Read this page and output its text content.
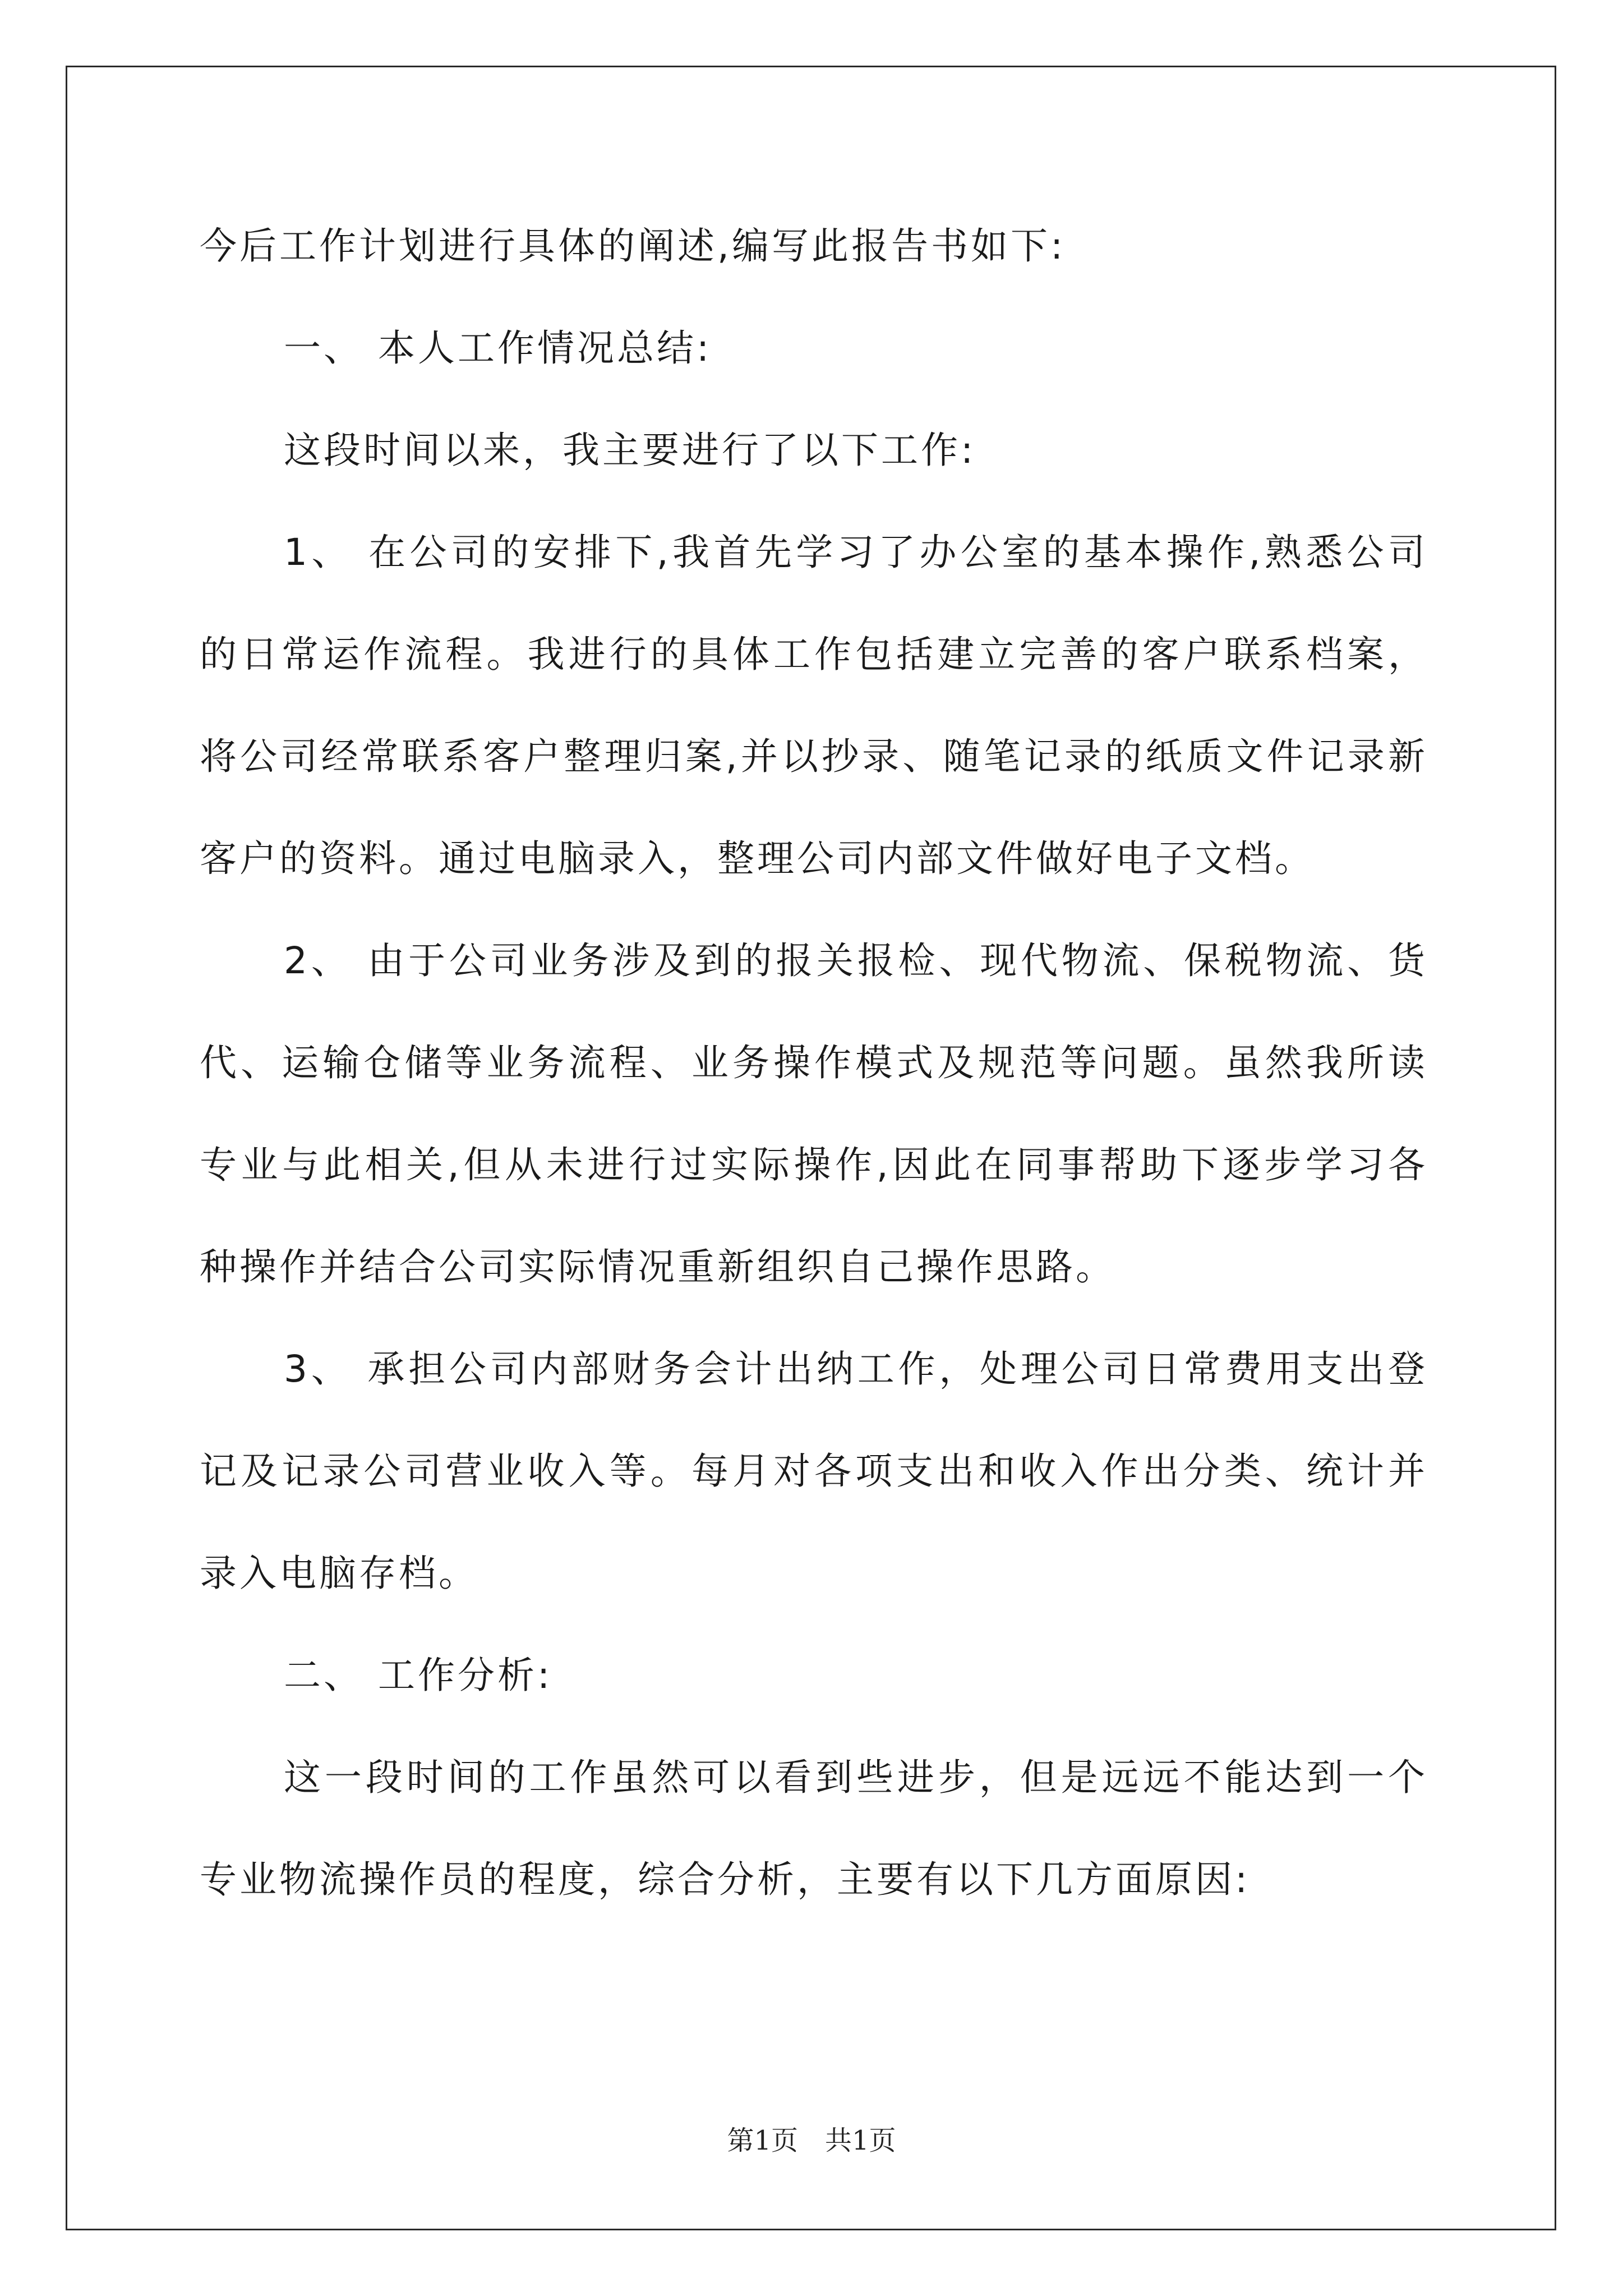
今后工作计划进行具体的阐述,编写此报告书如下:
一、 本人工作情况总结:
这段时间以来，我主要进行了以下工作:
1、 在公司的安排下,我首先学习了办公室的基本操作,熟悉公司
的日常运作流程。我进行的具体工作包括建立完善的客户联系档案，
将公司经常联系客户整理归案,并以抄录、随笔记录的纸质文件记录新
客户的资料。通过电脑录入，整理公司内部文件做好电子文档。
2、 由于公司业务涉及到的报关报检、现代物流、保税物流、货
代、运输仓储等业务流程、业务操作模式及规范等问题。虽然我所读
专业与此相关,但从未进行过实际操作,因此在同事帮助下逐步学习各
种操作并结合公司实际情况重新组织自己操作思路。
3、 承担公司内部财务会计出纳工作，处理公司日常费用支出登
记及记录公司营业收入等。每月对各项支出和收入作出分类、统计并
录入电脑存档。
二、 工作分析:
这一段时间的工作虽然可以看到些进步，但是远远不能达到一个
专业物流操作员的程度，综合分析，主要有以下几方面原因:
第1页　共1页
